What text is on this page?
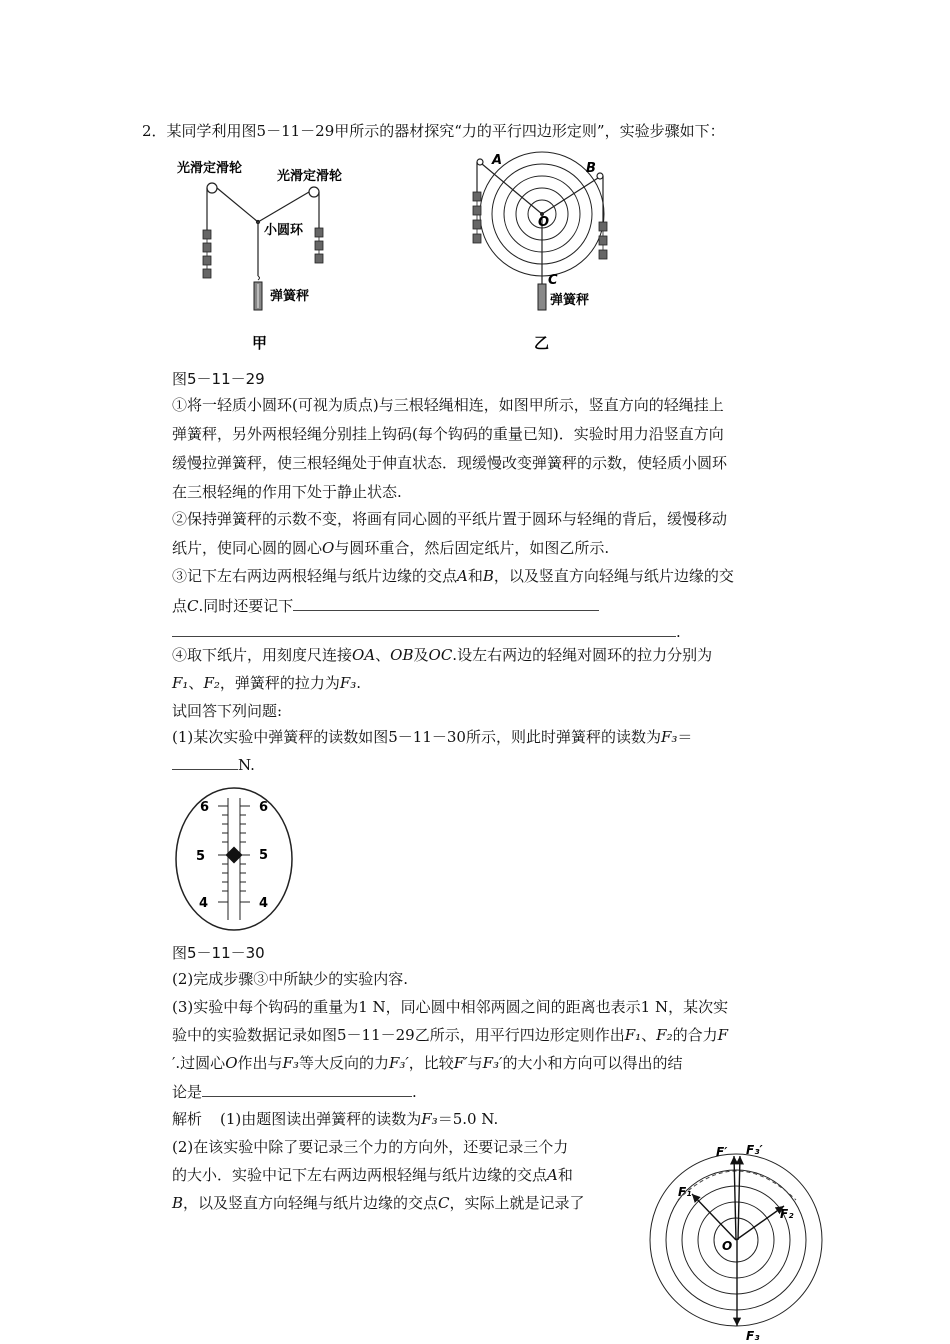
2．某同学利用图5－11－29甲所示的器材探究“力的平行四边形定则”，实验步骤如下：
光滑定滑轮
光滑定滑轮
小圆环
弹簧秤
甲
A
B
O
C
弹簧秤
乙
图5－11－29
①将一轻质小圆环(可视为质点)与三根轻绳相连，如图甲所示，竖直方向的轻绳挂上
弹簧秤，另外两根轻绳分别挂上钩码(每个钩码的重量已知)．实验时用力沿竖直方向
缓慢拉弹簧秤，使三根轻绳处于伸直状态．现缓慢改变弹簧秤的示数，使轻质小圆环
在三根轻绳的作用下处于静止状态.
②保持弹簧秤的示数不变，将画有同心圆的平纸片置于圆环与轻绳的背后，缓慢移动
纸片，使同心圆的圆心O与圆环重合，然后固定纸片，如图乙所示.
③记下左右两边两根轻绳与纸片边缘的交点A和B，以及竖直方向轻绳与纸片边缘的交
点C.同时还要记下
.
④取下纸片，用刻度尺连接OA、OB及OC.设左右两边的轻绳对圆环的拉力分别为
F₁、F₂，弹簧秤的拉力为F₃.
试回答下列问题:
(1)某次实验中弹簧秤的读数如图5－11－30所示，则此时弹簧秤的读数为F₃＝
N.
6	6
5	5
4	4
图5－11－30
(2)完成步骤③中所缺少的实验内容.
(3)实验中每个钩码的重量为1 N，同心圆中相邻两圆之间的距离也表示1 N，某次实
验中的实验数据记录如图5－11－29乙所示，用平行四边形定则作出F₁、F₂的合力F
′.过圆心O作出与F₃等大反向的力F₃′，比较F′与F₃′的大小和方向可以得出的结
论是	.
解析 (1)由题图读出弹簧秤的读数为F₃＝5.0 N.
(2)在该实验中除了要记录三个力的方向外，还要记录三个力
的大小．实验中记下左右两边两根轻绳与纸片边缘的交点A和
B，以及竖直方向轻绳与纸片边缘的交点C，实际上就是记录了
F′ F₃′
F₁
F₂
O
F₃
